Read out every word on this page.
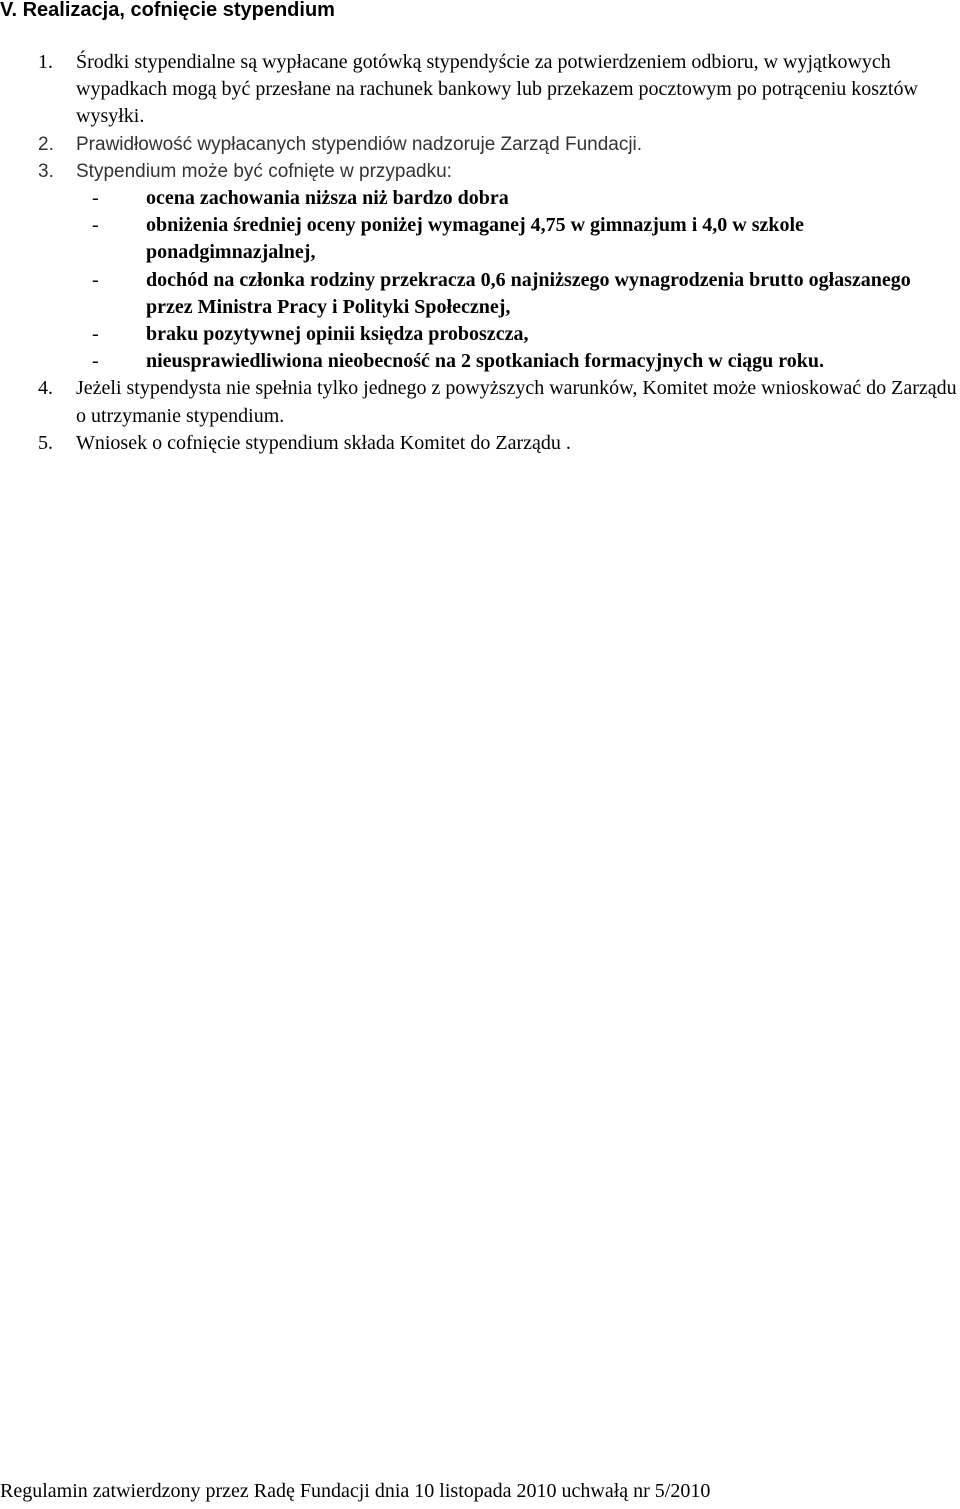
V. Realizacja, cofnięcie stypendium
1. Środki stypendialne są wypłacane gotówką stypendyście za potwierdzeniem odbioru, w wyjątkowych wypadkach mogą być przesłane na rachunek bankowy lub przekazem pocztowym po potrąceniu kosztów wysyłki.
2. Prawidłowość wypłacanych stypendiów nadzoruje Zarząd Fundacji.
3. Stypendium może być cofnięte w przypadku:
- ocena zachowania niższa niż bardzo dobra
- obniżenia średniej oceny poniżej wymaganej 4,75 w gimnazjum i 4,0 w szkole ponadgimnazjalnej,
- dochód na członka rodziny przekracza 0,6 najniższego wynagrodzenia brutto ogłaszanego przez Ministra Pracy i Polityki Społecznej,
- braku pozytywnej opinii księdza proboszcza,
- nieusprawiedliwiona nieobecność na 2 spotkaniach formacyjnych w ciągu roku.
4. Jeżeli stypendysta nie spełnia tylko jednego z powyższych warunków, Komitet może wnioskować do Zarządu o utrzymanie stypendium.
5. Wniosek o cofnięcie stypendium składa Komitet do Zarządu .

Regulamin zatwierdzony przez Radę Fundacji dnia 10 listopada 2010 uchwałą nr 5/2010
